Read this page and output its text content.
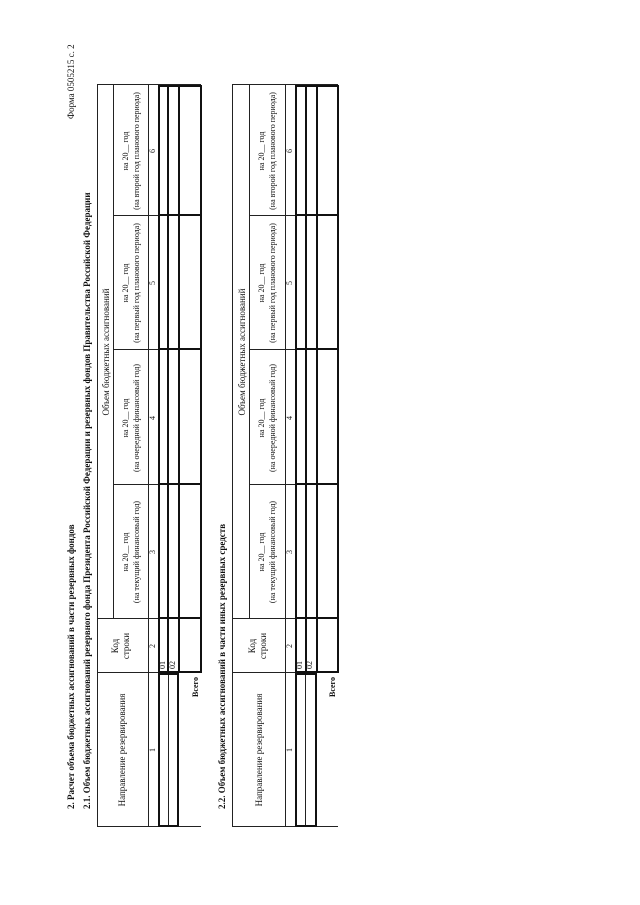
Форма 0505215 с. 2
2. Расчет объема бюджетных ассигнований в части резервных фондов 2.1. Объем бюджетных ассигнований резервного фонда Президента Российской Федерации и резервных фондов Правительства Российской Федерации	Направление резервирования
Код строки
Объем бюджетных ассигнований
на 20__ год (на текущий финансовый год)
на 20__ год (на очередной финансовый год)
на 20__ год (на первый год планового периода)
на 20__ год (на второй год планового периода)
1
2
3
4
5
6
01 02
Всего 2.2. Объем бюджетных ассигнований в части иных резервных средств	Направление резервирования
Код строки
Объем бюджетных ассигнований
на 20__ год (на текущий финансовый год)
на 20__ год (на очередной финансовый год)
на 20__ год (на первый год планового периода)
на 20__ год (на второй год планового периода)
1
2
3
4
5
6
01 02
Всего
